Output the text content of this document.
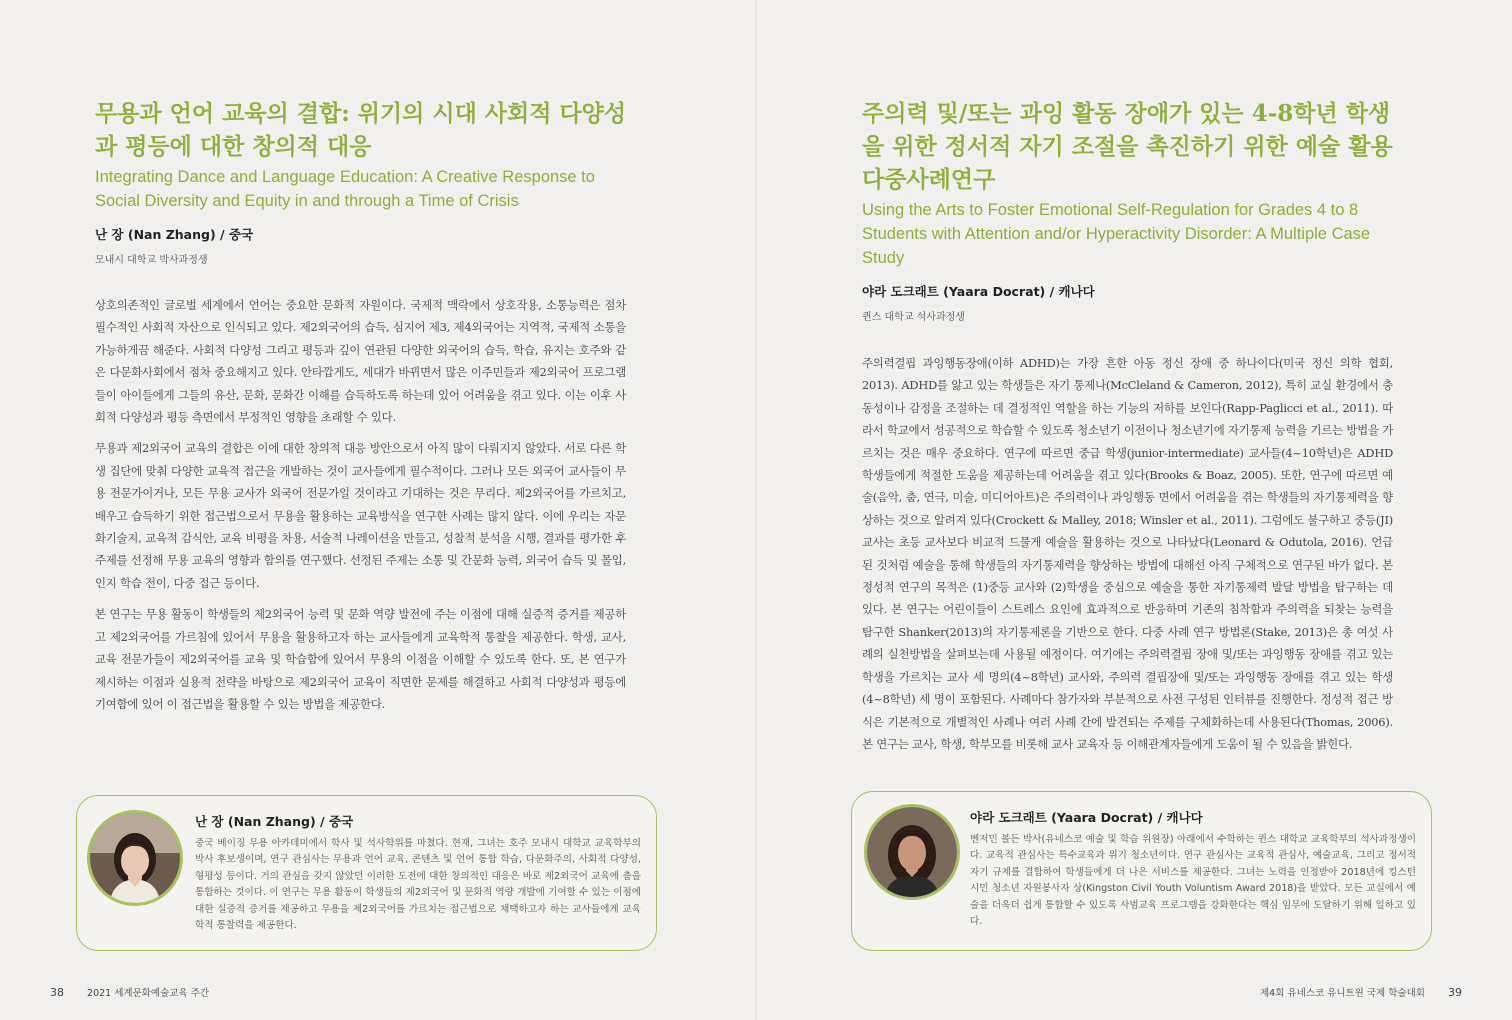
무용과 언어 교육의 결합: 위기의 시대 사회적 다양성과 평등에 대한 창의적 대응
Integrating Dance and Language Education: A Creative Response to Social Diversity and Equity in and through a Time of Crisis

난 장 (Nan Zhang) / 중국

모내시 대학교 박사과정생

상호의존적인 글로벌 세계에서 언어는 중요한 문화적 자원이다. 국제적 맥락에서 상호작용, 소통능력은 점차 필수적인 사회적 자산으로 인식되고 있다. 제2외국어의 습득, 심지어 제3, 제4외국어는 지역적, 국제적 소통을 가능하게끔 해준다. 사회적 다양성 그리고 평등과 깊이 연관된 다양한 외국어의 습득, 학습, 유지는 호주와 같은 다문화사회에서 점차 중요해지고 있다. 안타깝게도, 세대가 바뀌면서 많은 이주민들과 제2외국어 프로그램들이 아이들에게 그들의 유산, 문화, 문화간 이해를 습득하도록 하는데 있어 어려움을 겪고 있다. 이는 이후 사회적 다양성과 평등 측면에서 부정적인 영향을 초래할 수 있다.

무용과 제2외국어 교육의 결합은 이에 대한 창의적 대응 방안으로서 아직 많이 다뤄지지 않았다. 서로 다른 학생 집단에 맞춰 다양한 교육적 접근을 개발하는 것이 교사들에게 필수적이다. 그러나 모든 외국어 교사들이 무용 전문가이거나, 모든 무용 교사가 외국어 전문가일 것이라고 기대하는 것은 무리다. 제2외국어를 가르치고, 배우고 습득하기 위한 접근법으로서 무용을 활용하는 교육방식을 연구한 사례는 많지 않다. 이에 우리는 자문화기술지, 교육적 감식안, 교육 비평을 차용, 서술적 나레이션을 만들고, 성찰적 분석을 시행, 결과를 평가한 후 주제를 선정해 무용 교육의 영향과 함의를 연구했다. 선정된 주제는 소통 및 간문화 능력, 외국어 습득 및 몰입, 인지 학습 전이, 다중 접근 등이다.

본 연구는 무용 활동이 학생들의 제2외국어 능력 및 문화 역량 발전에 주는 이점에 대해 실증적 증거를 제공하고 제2외국어를 가르침에 있어서 무용을 활용하고자 하는 교사들에게 교육학적 통찰을 제공한다. 학생, 교사, 교육 전문가들이 제2외국어를 교육 및 학습함에 있어서 무용의 이점을 이해할 수 있도록 한다. 또, 본 연구가 제시하는 이점과 실용적 전략을 바탕으로 제2외국어 교육이 직면한 문제를 해결하고 사회적 다양성과 평등에 기여함에 있어 이 접근법을 활용할 수 있는 방법을 제공한다.

난 장 (Nan Zhang) / 중국

중국 베이징 무용 아카데미에서 학사 및 석사학위를 마쳤다. 현재, 그녀는 호주 모내시 대학교 교육학부의 박사 후보생이며, 연구 관심사는 무용과 언어 교육, 콘텐츠 및 언어 통합 학습, 다문화주의, 사회적 다양성, 형평성 등이다. 거의 관심을 갖지 않았던 이러한 도전에 대한 창의적인 대응은 바로 제2외국어 교육에 춤을 통합하는 것이다. 이 연구는 무용 활동이 학생들의 제2외국어 및 문화적 역량 개발에 기여할 수 있는 이점에 대한 실증적 증거를 제공하고 무용을 제2외국어를 가르치는 접근법으로 채택하고자 하는 교사들에게 교육학적 통찰력을 제공한다.

38 2021 세계문화예술교육 주간
주의력 및/또는 과잉 활동 장애가 있는 4-8학년 학생을 위한 정서적 자기 조절을 촉진하기 위한 예술 활용 다중사례연구
Using the Arts to Foster Emotional Self-Regulation for Grades 4 to 8 Students with Attention and/or Hyperactivity Disorder: A Multiple Case Study

야라 도크래트 (Yaara Docrat) / 캐나다

퀸스 대학교 석사과정생

주의력결핍 과잉행동장애(이하 ADHD)는 가장 흔한 아동 정신 장애 중 하나이다(미국 정신 의학 협회, 2013). ADHD를 앓고 있는 학생들은 자기 통제나(McCleland & Cameron, 2012), 특히 교실 환경에서 충동성이나 감정을 조절하는 데 결정적인 역할을 하는 기능의 저하를 보인다(Rapp-Paglicci et al., 2011). 따라서 학교에서 성공적으로 학습할 수 있도록 청소년기 이전이나 청소년기에 자기통제 능력을 기르는 방법을 가르치는 것은 매우 중요하다. 연구에 따르면 중급 학생(junior-intermediate) 교사들(4~10학년)은 ADHD 학생들에게 적절한 도움을 제공하는데 어려움을 겪고 있다(Brooks & Boaz, 2005). 또한, 연구에 따르면 예술(음악, 춤, 연극, 미술, 미디어아트)은 주의력이나 과잉행동 면에서 어려움을 겪는 학생들의 자기통제력을 향상하는 것으로 알려져 있다(Crockett & Malley, 2018; Winsler et al., 2011). 그럼에도 불구하고 중등(JI) 교사는 초등 교사보다 비교적 드물게 예술을 활용하는 것으로 나타났다(Leonard & Odutola, 2016). 언급된 것처럼 예술을 통해 학생들의 자기통제력을 향상하는 방법에 대해선 아직 구체적으로 연구된 바가 없다. 본 정성적 연구의 목적은 (1)중등 교사와 (2)학생을 중심으로 예술을 통한 자기통제력 발달 방법을 탐구하는 데 있다. 본 연구는 어린이들이 스트레스 요인에 효과적으로 반응하며 기존의 침착함과 주의력을 되찾는 능력을 탐구한 Shanker(2013)의 자기통제론을 기반으로 한다. 다중 사례 연구 방법론(Stake, 2013)은 총 여섯 사례의 실천방법을 살펴보는데 사용될 예정이다. 여기에는 주의력결핍 장애 및/또는 과잉행동 장애를 겪고 있는 학생을 가르치는 교사 세 명의(4~8학년) 교사와, 주의력 결핍장애 및/또는 과잉행동 장애를 겪고 있는 학생(4~8학년) 세 명이 포함된다. 사례마다 참가자와 부분적으로 사전 구성된 인터뷰를 진행한다. 정성적 접근 방식은 기본적으로 개별적인 사례나 여러 사례 간에 발견되는 주제를 구체화하는데 사용된다(Thomas, 2006). 본 연구는 교사, 학생, 학부모를 비롯해 교사 교육자 등 이해관계자들에게 도움이 될 수 있음을 밝힌다.

야라 도크래트 (Yaara Docrat) / 캐나다

벤저민 볼든 박사(유네스코 예술 및 학습 위원장) 아래에서 수학하는 퀸스 대학교 교육학부의 석사과정생이다. 교육적 관심사는 특수교육과 위기 청소년이다. 연구 관심사는 교육적 관심사, 예술교육, 그리고 정서적 자기 규제를 결합하여 학생들에게 더 나은 서비스를 제공한다. 그녀는 노력을 인정받아 2018년에 킹스턴 시민 청소년 자원봉사자 상(Kingston Civil Youth Voluntism Award 2018)을 받았다. 모든 교실에서 예술을 더욱더 쉽게 통합할 수 있도록 사범교육 프로그램을 강화한다는 핵심 임무에 도달하기 위해 일하고 있다.

제4회 유네스코 유니트윈 국제 학술대회 39
